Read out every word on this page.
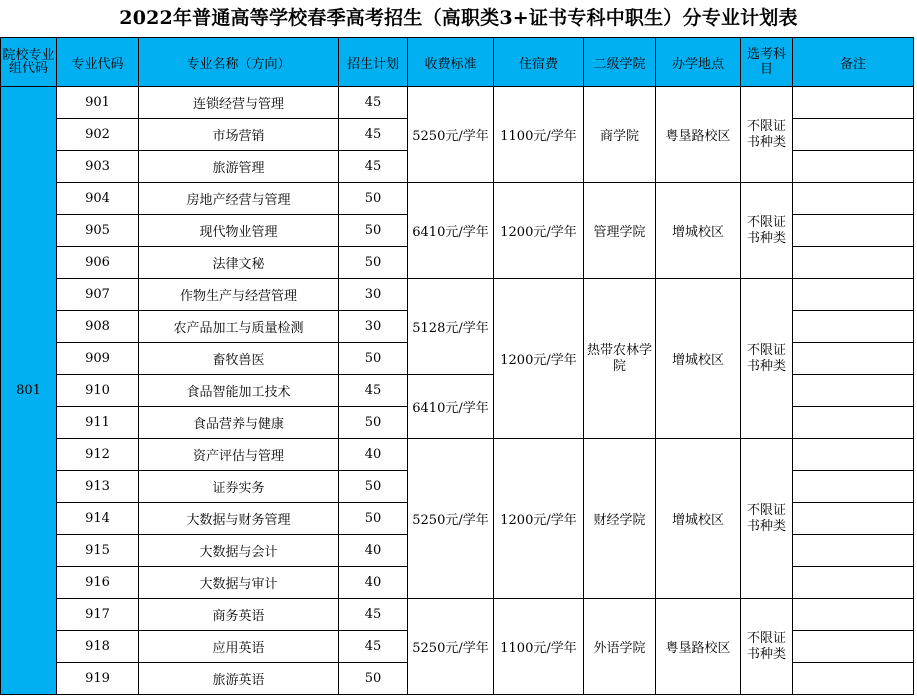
2022年普通高等学校春季高考招生（高职类3+证书专科中职生）分专业计划表
院校专业组代码	专业代码	专业名称（方向）	招生计划	收费标准	住宿费	二级学院	办学地点	选考科目	备注
801	901	连锁经营与管理	45	5250元/学年	1100元/学年	商学院	粤垦路校区	不限证书种类	
	902	市场营销	45						
	903	旅游管理	45						
	904	房地产经营与管理	50	6410元/学年	1200元/学年	管理学院	增城校区	不限证书种类	
	905	现代物业管理	50						
	906	法律文秘	50						
	907	作物生产与经营管理	30	5128元/学年	1200元/学年	热带农林学院	增城校区	不限证书种类	
	908	农产品加工与质量检测	30						
	909	畜牧兽医	50						
	910	食品智能加工技术	45	6410元/学年					
	911	食品营养与健康	50						
	912	资产评估与管理	40	5250元/学年	1200元/学年	财经学院	增城校区	不限证书种类	
	913	证券实务	50						
	914	大数据与财务管理	50						
	915	大数据与会计	40						
	916	大数据与审计	40						
	917	商务英语	45	5250元/学年	1100元/学年	外语学院	粤垦路校区	不限证书种类	
	918	应用英语	45						
	919	旅游英语	50						
